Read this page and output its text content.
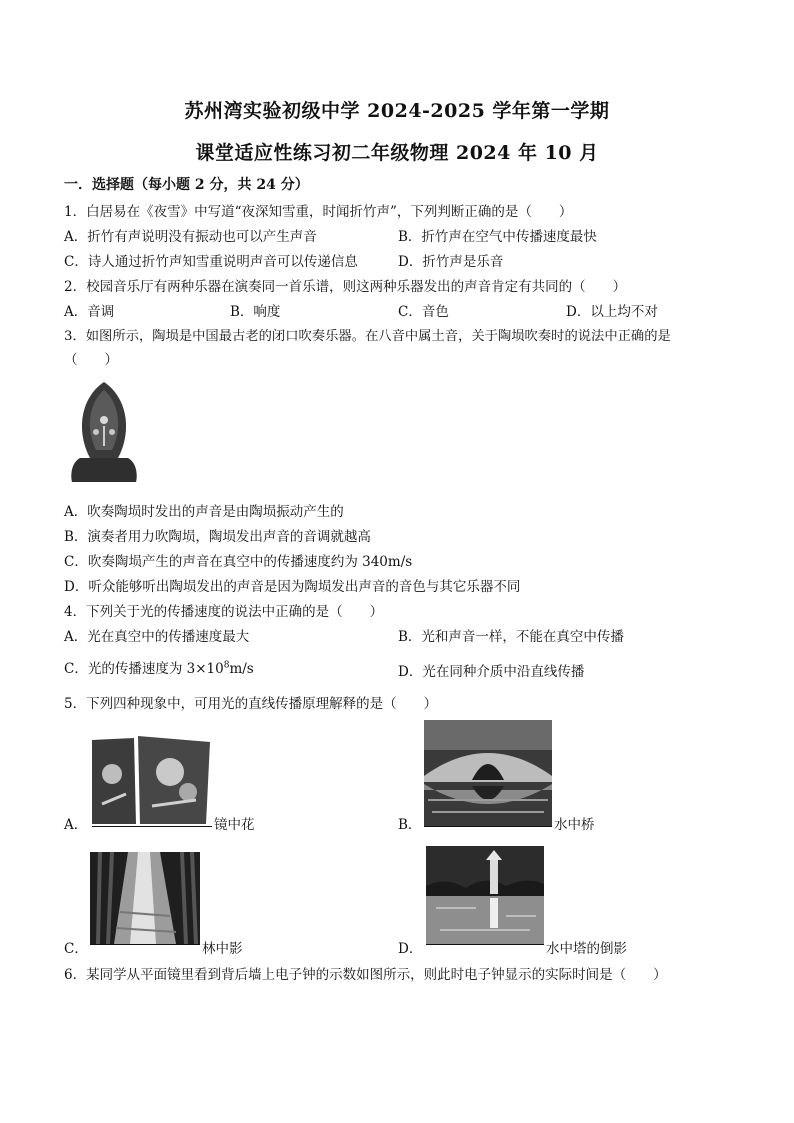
苏州湾实验初级中学 2024-2025 学年第一学期
课堂适应性练习初二年级物理 2024 年 10 月
一．选择题（每小题 2 分，共 24 分）
1．白居易在《夜雪》中写道“夜深知雪重，时闻折竹声”，下列判断正确的是（　　）
A．折竹有声说明没有振动也可以产生声音	B．折竹声在空气中传播速度最快
C．诗人通过折竹声知雪重说明声音可以传递信息	D．折竹声是乐音
2．校园音乐厅有两种乐器在演奏同一首乐谱，则这两种乐器发出的声音肯定有共同的（　　）
A．音调	B．响度	C．音色	D．以上均不对
3．如图所示，陶埙是中国最古老的闭口吹奏乐器。在八音中属土音，关于陶埙吹奏时的说法中正确的是
（　　）
A．吹奏陶埙时发出的声音是由陶埙振动产生的
B．演奏者用力吹陶埙，陶埙发出声音的音调就越高
C．吹奏陶埙产生的声音在真空中的传播速度约为 340m/s
D．听众能够听出陶埙发出的声音是因为陶埙发出声音的音色与其它乐器不同
4．下列关于光的传播速度的说法中正确的是（　　）
A．光在真空中的传播速度最大	B．光和声音一样，不能在真空中传播
C．光的传播速度为 $3\times 10^8m/s$	D．光在同种介质中沿直线传播
5．下列四种现象中，可用光的直线传播原理解释的是（　　）
A．	镜中花	B．	水中桥
C．	林中影	D．	水中塔的倒影
6．某同学从平面镜里看到背后墙上电子钟的示数如图所示，则此时电子钟显示的实际时间是（　　）
